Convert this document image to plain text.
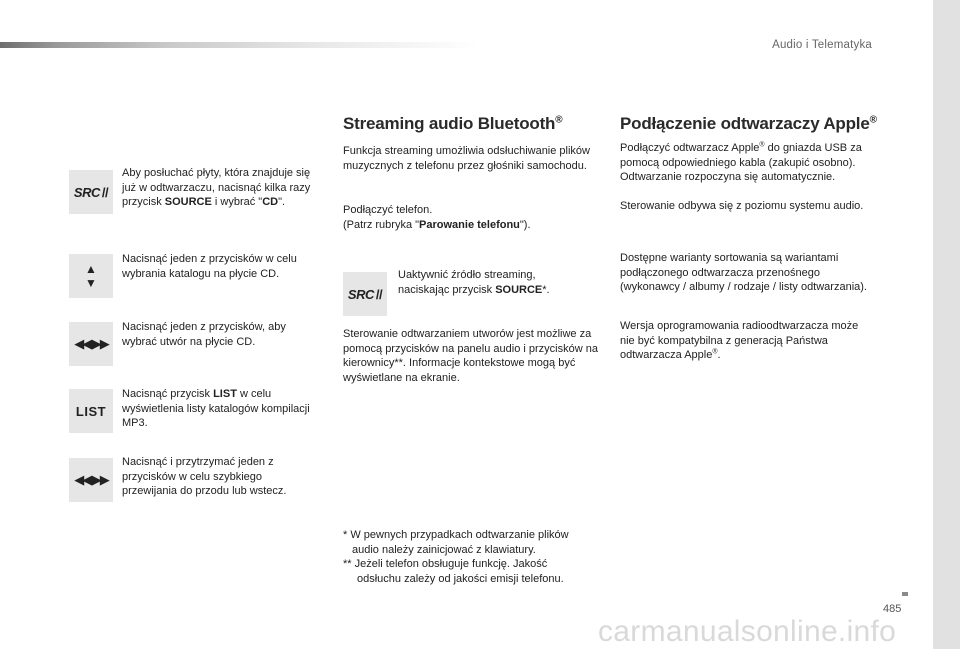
Audio i Telematyka
SRC //
Aby posłuchać płyty, która znajduje się już w odtwarzaczu, nacisnąć kilka razy przycisk SOURCE i wybrać "CD".
▲
▼
Nacisnąć jeden z przycisków w celu wybrania katalogu na płycie CD.
◀◀ ▶▶
Nacisnąć jeden z przycisków, aby wybrać utwór na płycie CD.
LIST
Nacisnąć przycisk LIST w celu wyświetlenia listy katalogów kompilacji MP3.
◀◀ ▶▶
Nacisnąć i przytrzymać jeden z przycisków w celu szybkiego przewijania do przodu lub wstecz.
Streaming audio Bluetooth®
Funkcja streaming umożliwia odsłuchiwanie plików muzycznych z telefonu przez głośniki samochodu.
Podłączyć telefon.
(Patrz rubryka "Parowanie telefonu").
SRC //
Uaktywnić źródło streaming, naciskając przycisk SOURCE*.
Sterowanie odtwarzaniem utworów jest możliwe za pomocą przycisków na panelu audio i przycisków na kierownicy**. Informacje kontekstowe mogą być wyświetlane na ekranie.
* W pewnych przypadkach odtwarzanie plików
audio należy zainicjować z klawiatury.
** Jeżeli telefon obsługuje funkcję. Jakość
odsłuchu zależy od jakości emisji telefonu.
Podłączenie odtwarzaczy Apple®
Podłączyć odtwarzacz Apple® do gniazda USB za pomocą odpowiedniego kabla (zakupić osobno). Odtwarzanie rozpoczyna się automatycznie.
Sterowanie odbywa się z poziomu systemu audio.
Dostępne warianty sortowania są wariantami podłączonego odtwarzacza przenośnego (wykonawcy / albumy / rodzaje / listy odtwarzania).
Wersja oprogramowania radioodtwarzacza może nie być kompatybilna z generacją Państwa odtwarzacza Apple®.
485
carmanualsonline.info
